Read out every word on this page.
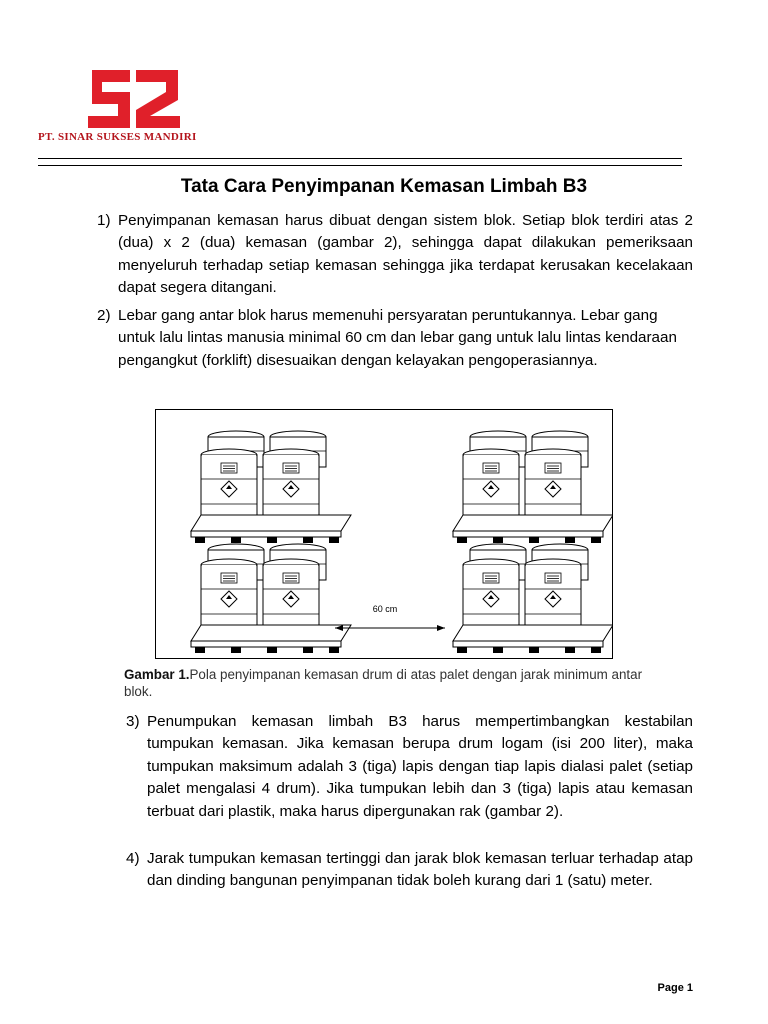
PT. SINAR SUKSES MANDIRI
Tata Cara Penyimpanan Kemasan Limbah B3
1) Penyimpanan kemasan harus dibuat dengan sistem blok. Setiap blok terdiri atas 2 (dua) x 2 (dua) kemasan (gambar 2), sehingga dapat dilakukan pemeriksaan menyeluruh terhadap setiap kemasan sehingga jika terdapat kerusakan kecelakaan dapat segera ditangani.
2) Lebar gang antar blok harus memenuhi persyaratan peruntukannya. Lebar gang untuk lalu lintas manusia minimal 60 cm dan lebar gang untuk lalu lintas kendaraan pengangkut (forklift) disesuaikan dengan kelayakan pengoperasiannya.
60 cm
Gambar 1.Pola penyimpanan kemasan drum di atas palet dengan jarak minimum antar blok.
3) Penumpukan kemasan limbah B3 harus mempertimbangkan kestabilan tumpukan kemasan. Jika kemasan berupa drum logam (isi 200 liter), maka tumpukan maksimum adalah 3 (tiga) lapis dengan tiap lapis dialasi palet (setiap palet mengalasi 4 drum). Jika tumpukan lebih dan 3 (tiga) lapis atau kemasan terbuat dari plastik, maka harus dipergunakan rak (gambar 2).
4) Jarak tumpukan kemasan tertinggi dan jarak blok kemasan terluar terhadap atap dan dinding bangunan penyimpanan tidak boleh kurang dari 1 (satu) meter.
Page 1
